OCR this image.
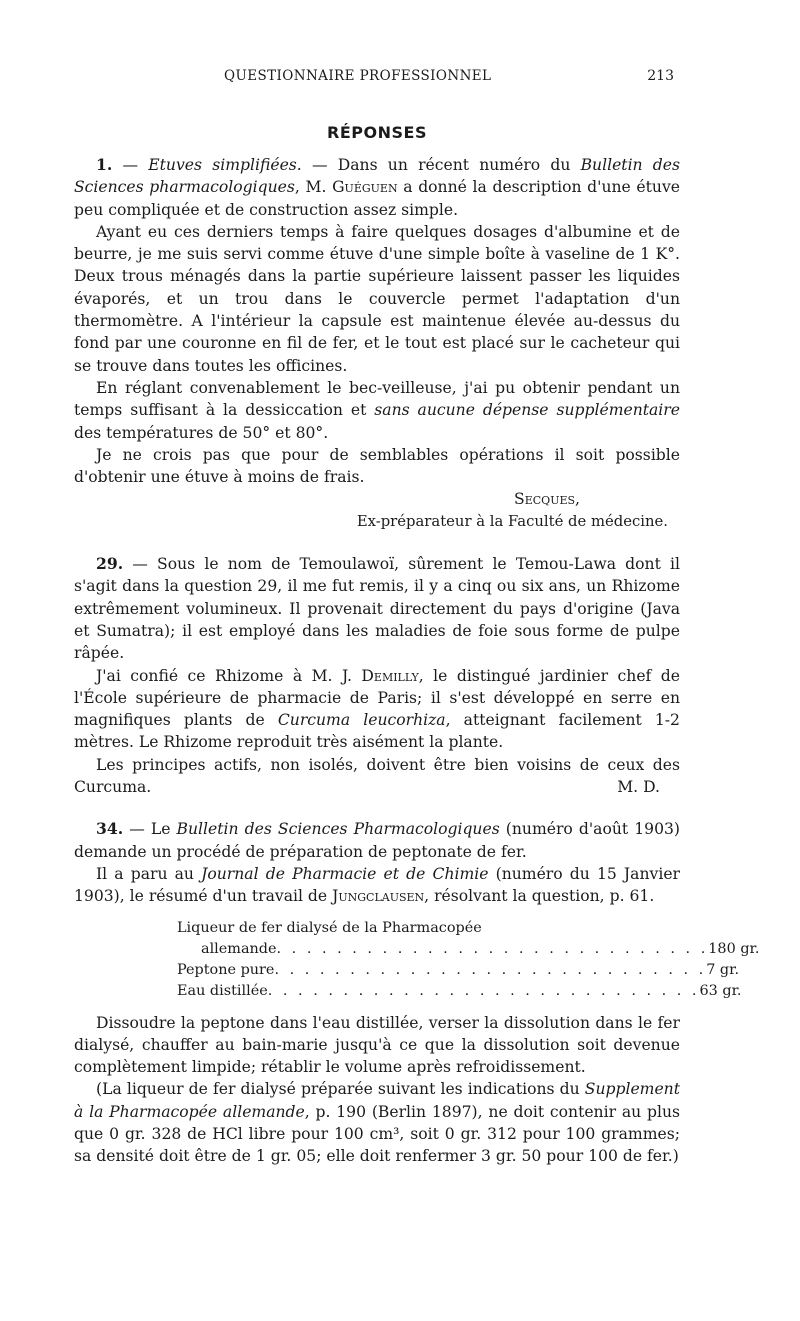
QUESTIONNAIRE PROFESSIONNEL	213
RÉPONSES

1. — Etuves simplifiées. — Dans un récent numéro du Bulletin des Sciences pharmacologiques, M. Guéguen a donné la description d'une étuve peu compliquée et de construction assez simple.

Ayant eu ces derniers temps à faire quelques dosages d'albumine et de beurre, je me suis servi comme étuve d'une simple boîte à vaseline de 1 K°. Deux trous ménagés dans la partie supérieure laissent passer les liquides évaporés, et un trou dans le couvercle permet l'adaptation d'un thermomètre. A l'intérieur la capsule est maintenue élevée au-dessus du fond par une couronne en fil de fer, et le tout est placé sur le cacheteur qui se trouve dans toutes les officines.

En réglant convenablement le bec-veilleuse, j'ai pu obtenir pendant un temps suffisant à la dessiccation et sans aucune dépense supplémentaire des températures de 50° et 80°.

Je ne crois pas que pour de semblables opérations il soit possible d'obtenir une étuve à moins de frais.

Secques,
Ex-préparateur à la Faculté de médecine.

29. — Sous le nom de Temoulawoï, sûrement le Temou-Lawa dont il s'agit dans la question 29, il me fut remis, il y a cinq ou six ans, un Rhizome extrêmement volumineux. Il provenait directement du pays d'origine (Java et Sumatra); il est employé dans les maladies de foie sous forme de pulpe râpée.

J'ai confié ce Rhizome à M. J. Demilly, le distingué jardinier chef de l'École supérieure de pharmacie de Paris; il s'est développé en serre en magnifiques plants de Curcuma leucorhiza, atteignant facilement 1-2 mètres. Le Rhizome reproduit très aisément la plante.

Les principes actifs, non isolés, doivent être bien voisins de ceux des Curcuma.	M. D.

34. — Le Bulletin des Sciences Pharmacologiques (numéro d'août 1903) demande un procédé de préparation de peptonate de fer.

Il a paru au Journal de Pharmacie et de Chimie (numéro du 15 Janvier 1903), le résumé d'un travail de Jungclausen, résolvant la question, p. 61.

Liqueur de fer dialysé de la Pharmacopée
allemande . . . . . . . . . . . . . . . . . . . . . . . . . . . . . 180 gr.
Peptone pure . . . . . . . . . . . . . . . . . . . . . . . . . . . . . 7 gr.
Eau distillée . . . . . . . . . . . . . . . . . . . . . . . . . . . . . 63 gr.

Dissoudre la peptone dans l'eau distillée, verser la dissolution dans le fer dialysé, chauffer au bain-marie jusqu'à ce que la dissolution soit devenue complètement limpide; rétablir le volume après refroidissement.

(La liqueur de fer dialysé préparée suivant les indications du Supplement à la Pharmacopée allemande, p. 190 (Berlin 1897), ne doit contenir au plus que 0 gr. 328 de HCl libre pour 100 cm³, soit 0 gr. 312 pour 100 grammes; sa densité doit être de 1 gr. 05; elle doit renfermer 3 gr. 50 pour 100 de fer.)
